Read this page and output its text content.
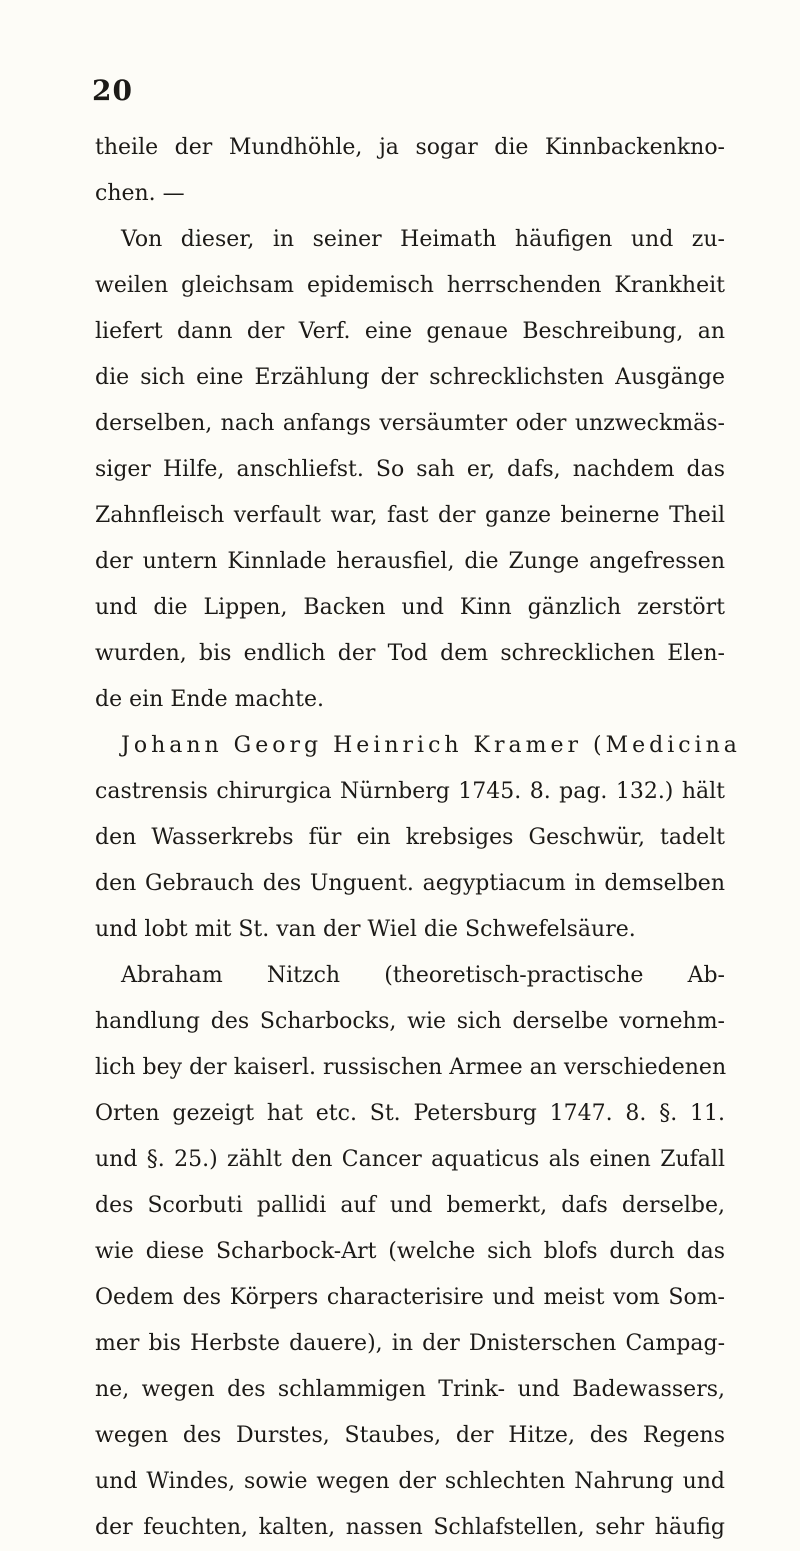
20
theile der Mundhöhle, ja sogar die Kinnbackenkno-
chen. —
Von dieser, in seiner Heimath häufigen und zu-
weilen gleichsam epidemisch herrschenden Krankheit
liefert dann der Verf. eine genaue Beschreibung, an
die sich eine Erzählung der schrecklichsten Ausgänge
derselben, nach anfangs versäumter oder unzweckmäs-
siger Hilfe, anschliefst. So sah er, dafs, nachdem das
Zahnfleisch verfault war, fast der ganze beinerne Theil
der untern Kinnlade herausfiel, die Zunge angefressen
und die Lippen, Backen und Kinn gänzlich zerstört
wurden, bis endlich der Tod dem schrecklichen Elen-
de ein Ende machte.
Johann Georg Heinrich Kramer (Medicina
castrensis chirurgica Nürnberg 1745. 8. pag. 132.) hält
den Wasserkrebs für ein krebsiges Geschwür, tadelt
den Gebrauch des Unguent. aegyptiacum in demselben
und lobt mit St. van der Wiel die Schwefelsäure.
Abraham Nitzch (theoretisch-practische Ab-
handlung des Scharbocks, wie sich derselbe vornehm-
lich bey der kaiserl. russischen Armee an verschiedenen
Orten gezeigt hat etc. St. Petersburg 1747. 8. §. 11.
und §. 25.) zählt den Cancer aquaticus als einen Zufall
des Scorbuti pallidi auf und bemerkt, dafs derselbe,
wie diese Scharbock-Art (welche sich blofs durch das
Oedem des Körpers characterisire und meist vom Som-
mer bis Herbste dauere), in der Dnisterschen Campag-
ne, wegen des schlammigen Trink- und Badewassers,
wegen des Durstes, Staubes, der Hitze, des Regens
und Windes, sowie wegen der schlechten Nahrung und
der feuchten, kalten, nassen Schlafstellen, sehr häufig
